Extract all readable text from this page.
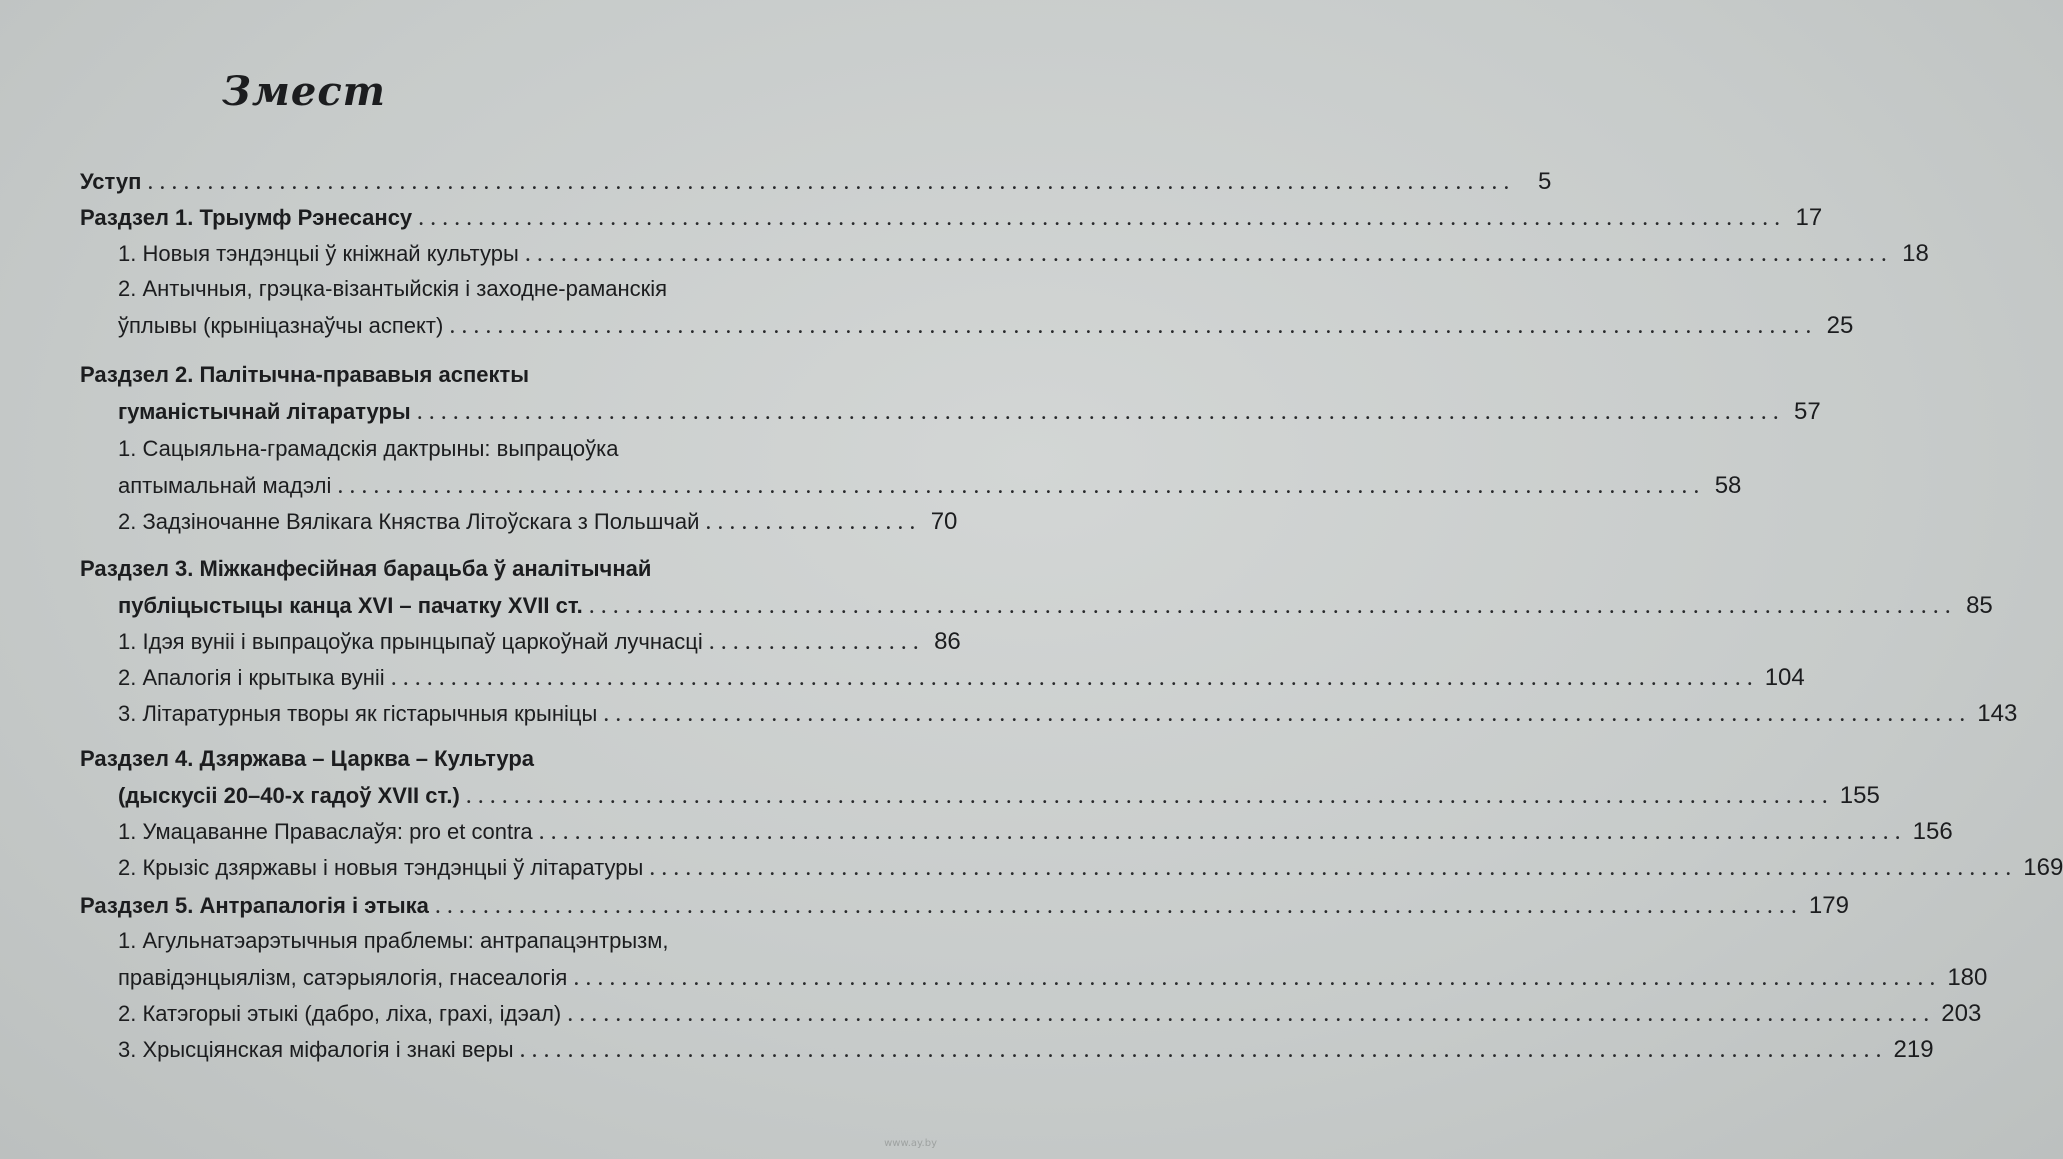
Змест
Уступ .................................................................................................................. 5
Раздзел 1. Трыумф Рэнесансу .................................................................................................................. 17
1. Новыя тэндэнцыі ў кніжнай культуры .................................................................................................................. 18
2. Антычныя, грэцка-візантыйскія і заходне-раманскія
ўплывы (крыніцазнаўчы аспект) .................................................................................................................. 25
Раздзел 2. Палітычна-прававыя аспекты
гуманістычнай літаратуры .................................................................................................................. 57
1. Сацыяльна-грамадскія дактрыны: выпрацоўка
аптымальнай мадэлі .................................................................................................................. 58
2. Задзіночанне Вялікага Княства Літоўскага з Польшчай .................. 70
Раздзел 3. Міжканфесійная барацьба ў аналітычнай
публіцыстыцы канца XVI – пачатку XVII ст. .................................................................................................................. 85
1. Ідэя вуніі і выпрацоўка прынцыпаў царкоўнай лучнасці .................. 86
2. Апалогія і крытыка вуніі .................................................................................................................. 104
3. Літаратурныя творы як гістарычныя крыніцы .................................................................................................................. 143
Раздзел 4. Дзяржава – Царква – Культура
(дыскусіі 20–40-х гадоў XVII ст.) .................................................................................................................. 155
1. Умацаванне Праваслаўя: pro et contra .................................................................................................................. 156
2. Крызіс дзяржавы і новыя тэндэнцыі ў літаратуры .................................................................................................................. 169
Раздзел 5. Антрапалогія і этыка .................................................................................................................. 179
1. Агульнатэарэтычныя праблемы: антрапацэнтрызм,
правідэнцыялізм, сатэрыялогія, гнасеалогія .................................................................................................................. 180
2. Катэгорыі этыкі (дабро, ліха, грахі, ідэал) .................................................................................................................. 203
3. Хрысціянская міфалогія і знакі веры .................................................................................................................. 219
www.ay.by
